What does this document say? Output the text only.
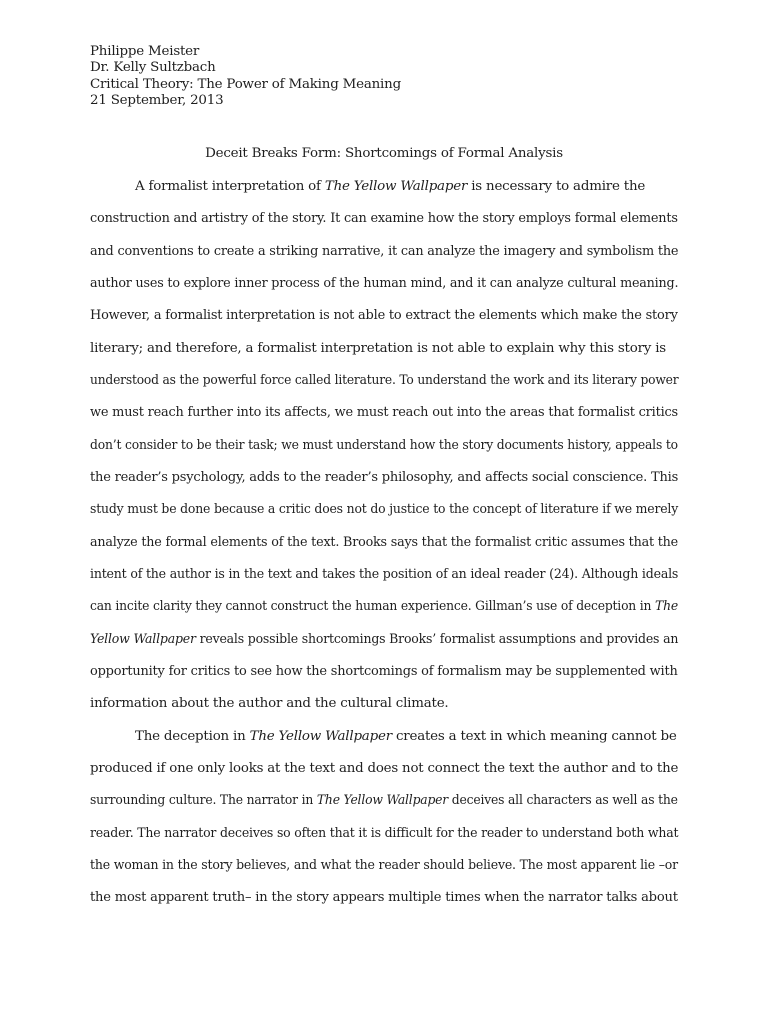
Philippe Meister
Dr. Kelly Sultzbach
Critical Theory: The Power of Making Meaning
21 September, 2013
Deceit Breaks Form: Shortcomings of Formal Analysis
A formalist interpretation of The Yellow Wallpaper is necessary to admire the
construction and artistry of the story. It can examine how the story employs formal elements
and conventions to create a striking narrative, it can analyze the imagery and symbolism the
author uses to explore inner process of the human mind, and it can analyze cultural meaning.
However, a formalist interpretation is not able to extract the elements which make the story
literary; and therefore, a formalist interpretation is not able to explain why this story is
understood as the powerful force called literature. To understand the work and its literary power
we must reach further into its affects, we must reach out into the areas that formalist critics
don’t consider to be their task; we must understand how the story documents history, appeals to
the reader’s psychology, adds to the reader’s philosophy, and affects social conscience. This
study must be done because a critic does not do justice to the concept of literature if we merely
analyze the formal elements of the text. Brooks says that the formalist critic assumes that the
intent of the author is in the text and takes the position of an ideal reader (24). Although ideals
can incite clarity they cannot construct the human experience. Gillman’s use of deception in The
Yellow Wallpaper reveals possible shortcomings Brooks’ formalist assumptions and provides an
opportunity for critics to see how the shortcomings of formalism may be supplemented with
information about the author and the cultural climate.
The deception in The Yellow Wallpaper creates a text in which meaning cannot be
produced if one only looks at the text and does not connect the text the author and to the
surrounding culture. The narrator in The Yellow Wallpaper deceives all characters as well as the
reader. The narrator deceives so often that it is difficult for the reader to understand both what
the woman in the story believes, and what the reader should believe. The most apparent lie –or
the most apparent truth– in the story appears multiple times when the narrator talks about
